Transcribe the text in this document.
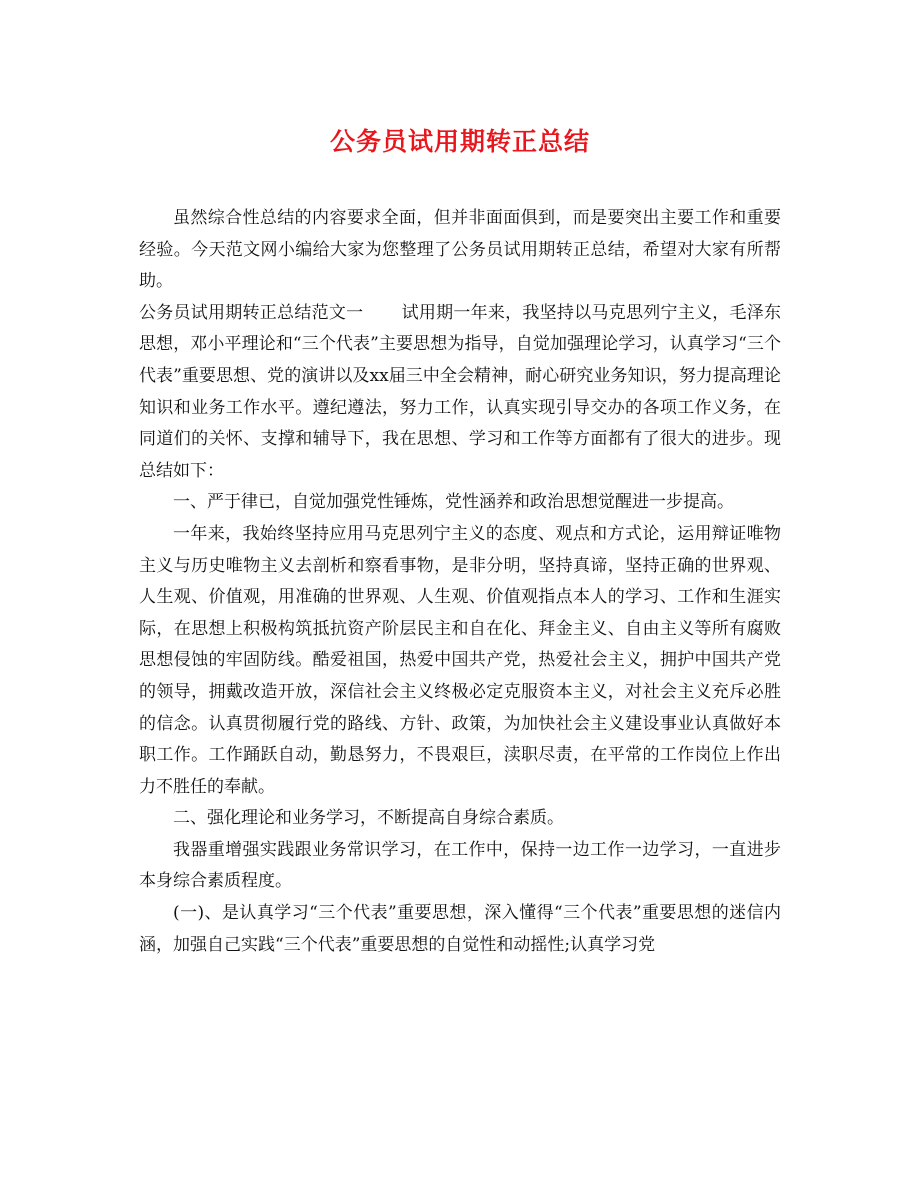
公务员试用期转正总结

虽然综合性总结的内容要求全面，但并非面面俱到，而是要突出主要工作和重要经验。今天范文网小编给大家为您整理了公务员试用期转正总结，希望对大家有所帮助。

公务员试用期转正总结范文一 试用期一年来，我坚持以马克思列宁主义，毛泽东思想，邓小平理论和“三个代表”主要思想为指导，自觉加强理论学习，认真学习“三个代表”重要思想、党的演讲以及xx届三中全会精神，耐心研究业务知识，努力提高理论知识和业务工作水平。遵纪遵法，努力工作，认真实现引导交办的各项工作义务，在同道们的关怀、支撑和辅导下，我在思想、学习和工作等方面都有了很大的进步。现总结如下：

一、严于律已，自觉加强党性锤炼，党性涵养和政治思想觉醒进一步提高。

一年来，我始终坚持应用马克思列宁主义的态度、观点和方式论，运用辩证唯物主义与历史唯物主义去剖析和察看事物，是非分明，坚持真谛，坚持正确的世界观、人生观、价值观，用准确的世界观、人生观、价值观指点本人的学习、工作和生涯实际，在思想上积极构筑抵抗资产阶层民主和自在化、拜金主义、自由主义等所有腐败思想侵蚀的牢固防线。酷爱祖国，热爱中国共产党，热爱社会主义，拥护中国共产党的领导，拥戴改造开放，深信社会主义终极必定克服资本主义，对社会主义充斥必胜的信念。认真贯彻履行党的路线、方针、政策，为加快社会主义建设事业认真做好本职工作。工作踊跃自动，勤恳努力，不畏艰巨，渎职尽责，在平常的工作岗位上作出力不胜任的奉献。

二、强化理论和业务学习，不断提高自身综合素质。

我器重增强实践跟业务常识学习，在工作中，保持一边工作一边学习，一直进步本身综合素质程度。

(一)、是认真学习“三个代表”重要思想，深入懂得“三个代表”重要思想的迷信内涵，加强自己实践“三个代表”重要思想的自觉性和动摇性;认真学习党
